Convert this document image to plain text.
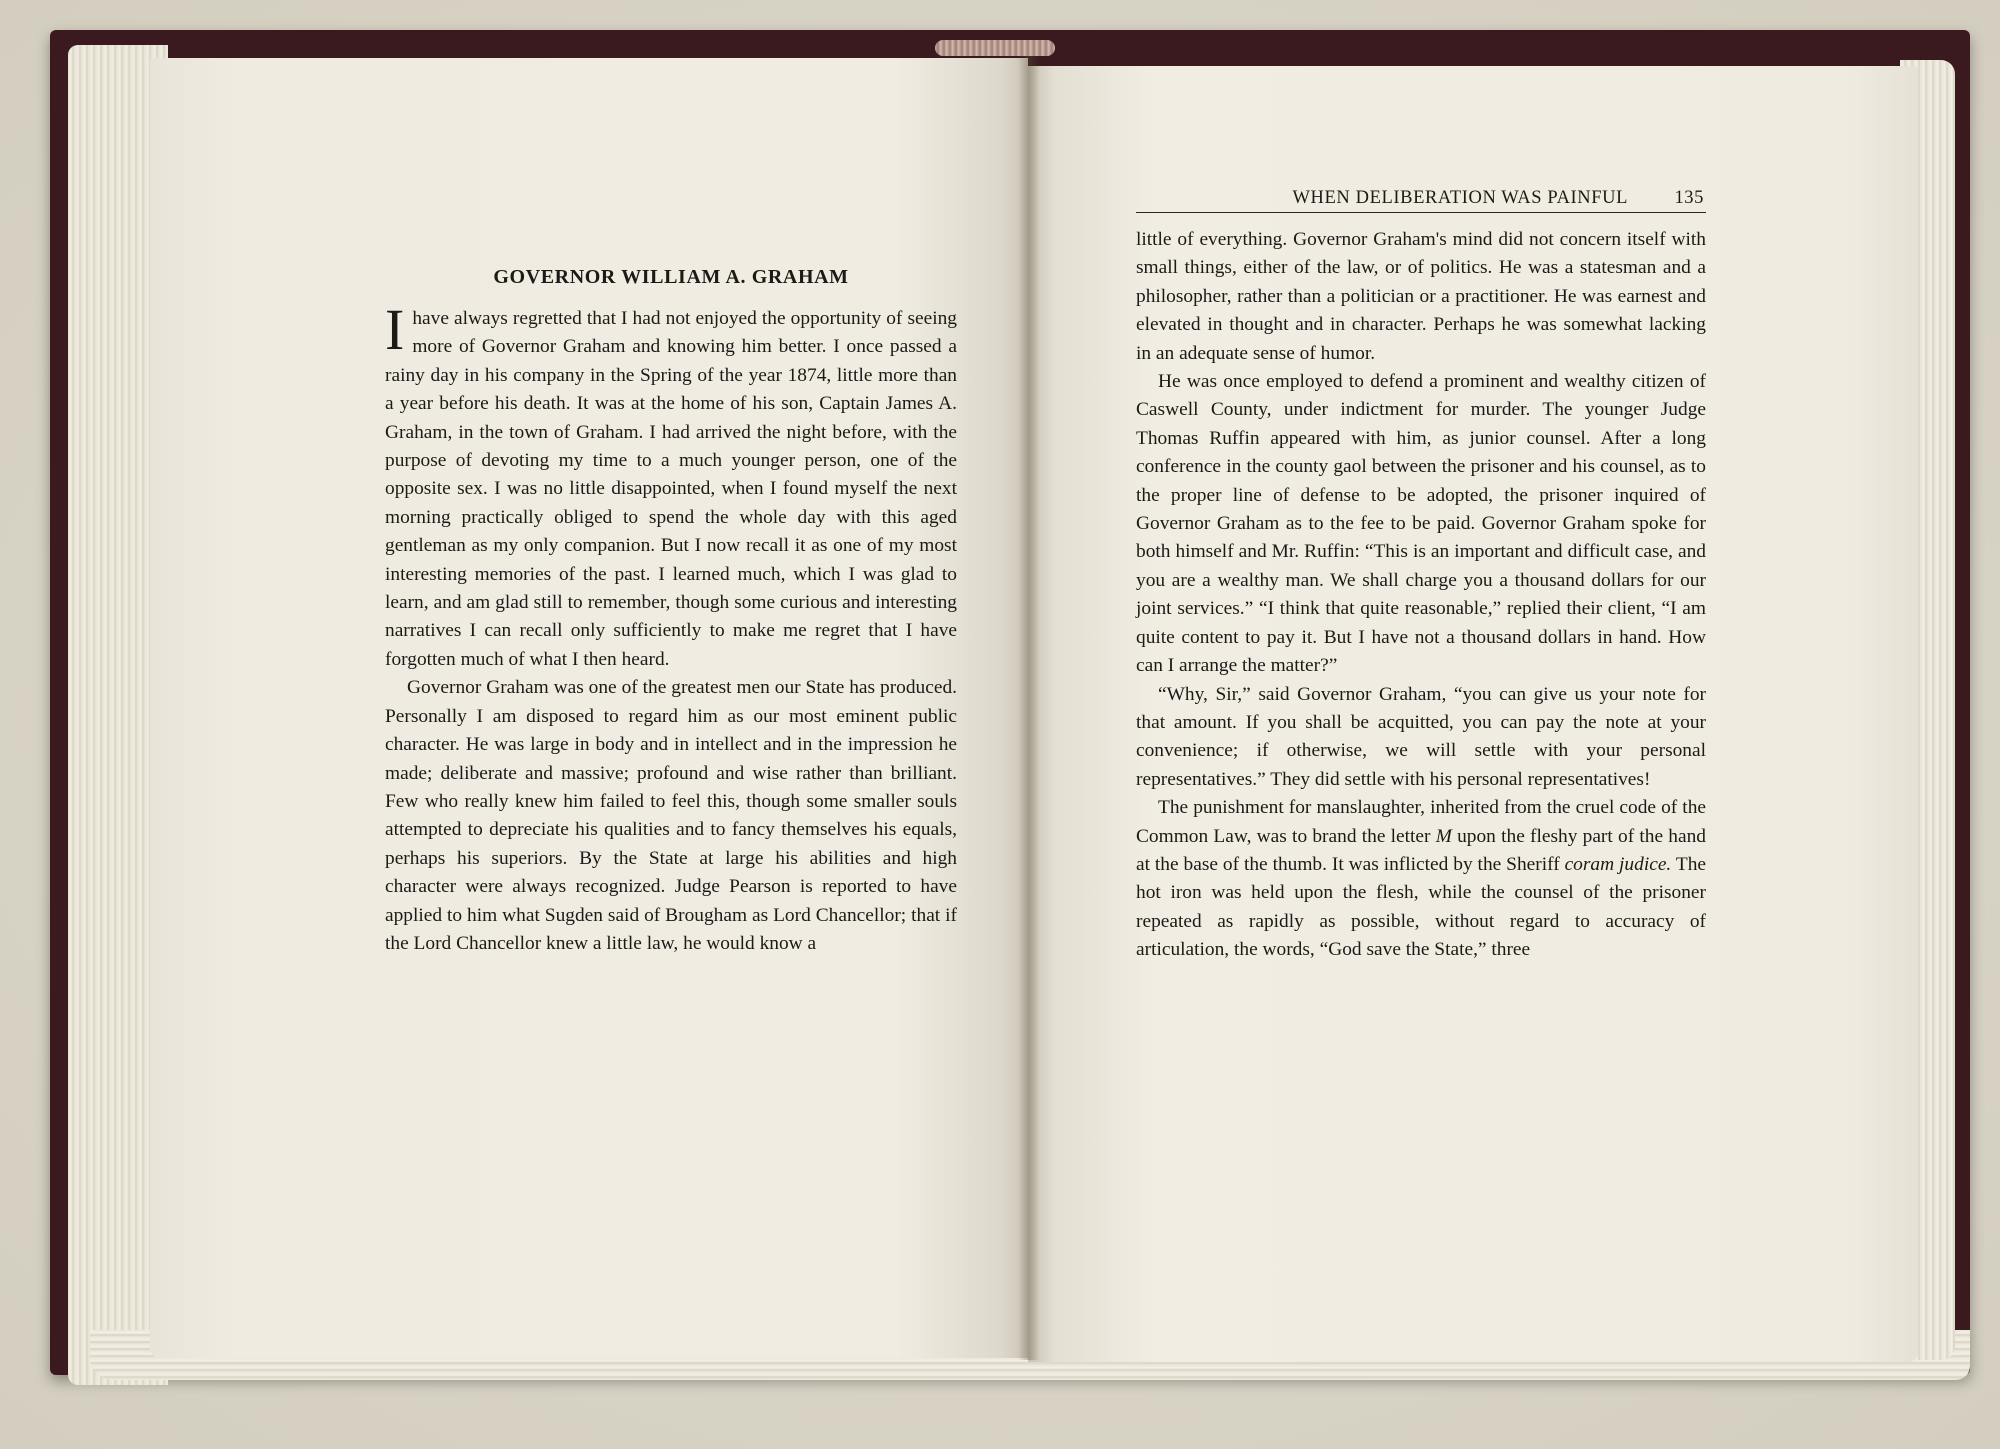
GOVERNOR WILLIAM A. GRAHAM

I have always regretted that I had not enjoyed the opportunity of seeing more of Governor Graham and knowing him better. I once passed a rainy day in his company in the Spring of the year 1874, little more than a year before his death. It was at the home of his son, Captain James A. Graham, in the town of Graham. I had arrived the night before, with the purpose of devoting my time to a much younger person, one of the opposite sex. I was no little disappointed, when I found myself the next morning practically obliged to spend the whole day with this aged gentleman as my only companion. But I now recall it as one of my most interesting memories of the past. I learned much, which I was glad to learn, and am glad still to remember, though some curious and interesting narratives I can recall only sufficiently to make me regret that I have forgotten much of what I then heard.

Governor Graham was one of the greatest men our State has produced. Personally I am disposed to regard him as our most eminent public character. He was large in body and in intellect and in the impression he made; deliberate and massive; profound and wise rather than brilliant. Few who really knew him failed to feel this, though some smaller souls attempted to depreciate his qualities and to fancy themselves his equals, perhaps his superiors. By the State at large his abilities and high character were always recognized. Judge Pearson is reported to have applied to him what Sugden said of Brougham as Lord Chancellor; that if the Lord Chancellor knew a little law, he would know a

WHEN DELIBERATION WAS PAINFUL	135

little of everything. Governor Graham's mind did not concern itself with small things, either of the law, or of politics. He was a statesman and a philosopher, rather than a politician or a practitioner. He was earnest and elevated in thought and in character. Perhaps he was somewhat lacking in an adequate sense of humor.

He was once employed to defend a prominent and wealthy citizen of Caswell County, under indictment for murder. The younger Judge Thomas Ruffin appeared with him, as junior counsel. After a long conference in the county gaol between the prisoner and his counsel, as to the proper line of defense to be adopted, the prisoner inquired of Governor Graham as to the fee to be paid. Governor Graham spoke for both himself and Mr. Ruffin: “This is an important and difficult case, and you are a wealthy man. We shall charge you a thousand dollars for our joint services.” “I think that quite reasonable,” replied their client, “I am quite content to pay it. But I have not a thousand dollars in hand. How can I arrange the matter?”

“Why, Sir,” said Governor Graham, “you can give us your note for that amount. If you shall be acquitted, you can pay the note at your convenience; if otherwise, we will settle with your personal representatives.” They did settle with his personal representatives!

The punishment for manslaughter, inherited from the cruel code of the Common Law, was to brand the letter M upon the fleshy part of the hand at the base of the thumb. It was inflicted by the Sheriff coram judice. The hot iron was held upon the flesh, while the counsel of the prisoner repeated as rapidly as possible, without regard to accuracy of articulation, the words, “God save the State,” three
